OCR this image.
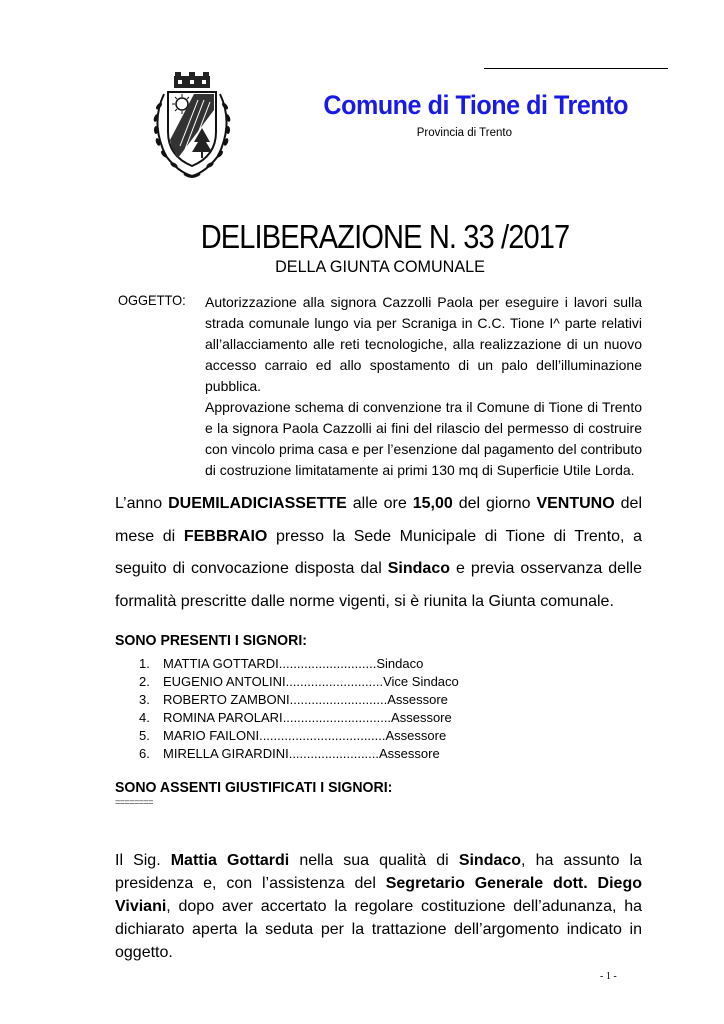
Comune di Tione di Trento
Provincia di Trento
DELIBERAZIONE N. 33 /2017
DELLA GIUNTA COMUNALE
OGGETTO: Autorizzazione alla signora Cazzolli Paola per eseguire i lavori sulla strada comunale lungo via per Scraniga in C.C. Tione I^ parte relativi all’allacciamento alle reti tecnologiche, alla realizzazione di un nuovo accesso carraio ed allo spostamento di un palo dell’illuminazione pubblica.

Approvazione schema di convenzione tra il Comune di Tione di Trento e la signora Paola Cazzolli ai fini del rilascio del permesso di costruire con vincolo prima casa e per l’esenzione dal pagamento del contributo di costruzione limitatamente ai primi 130 mq di Superficie Utile Lorda.

L’anno DUEMILADICIASSETTE alle ore 15,00 del giorno VENTUNO del mese di FEBBRAIO presso la Sede Municipale di Tione di Trento, a seguito di convocazione disposta dal Sindaco e previa osservanza delle formalità prescritte dalle norme vigenti, si è riunita la Giunta comunale.

SONO PRESENTI I SIGNORI:
1. MATTIA GOTTARDI...........................Sindaco
2. EUGENIO ANTOLINI...........................Vice Sindaco
3. ROBERTO ZAMBONI...........................Assessore
4. ROMINA PAROLARI..............................Assessore
5. MARIO FAILONI...................................Assessore
6. MIRELLA GIRARDINI.........................Assessore
SONO ASSENTI GIUSTIFICATI I SIGNORI:
========

Il Sig. Mattia Gottardi nella sua qualità di Sindaco, ha assunto la presidenza e, con l’assistenza del Segretario Generale dott. Diego Viviani, dopo aver accertato la regolare costituzione dell’adunanza, ha dichiarato aperta la seduta per la trattazione dell’argomento indicato in oggetto.

- 1 -
